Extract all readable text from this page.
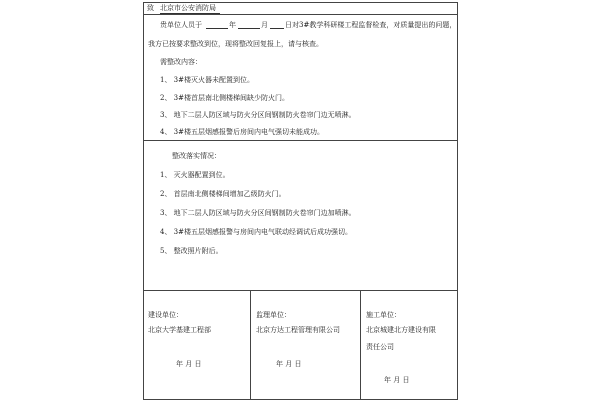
致 北京市公安消防局
贵单位人员于	年	月 日对3#教学科研楼工程监督检查，对质量提出的问题，
我方已按要求整改到位，现将整改回复报上，请与核查。
需整改内容：
1、 3#楼灭火器未配置到位。
2、 3#楼首层南北侧楼梯间缺少防火门。
3、 地下二层人防区域与防火分区间钢制防火卷帘门边无喷淋。
4、 3#楼五层烟感报警后房间内电气强切未能成功。
整改落实情况：
1、 灭火器配置到位。
2、 首层南北侧楼梯间增加乙级防火门。
3、 地下二层人防区域与防火分区间钢制防火卷帘门边加喷淋。
4、 3#楼五层烟感报警与房间内电气联动经调试后成功强切。
5、 整改照片附后。
建设单位：
北京大学基建工程部
年 月 日
监理单位：
北京方达工程管理有限公司
年 月 日
施工单位：
北京城建北方建设有限
责任公司
年 月 日
